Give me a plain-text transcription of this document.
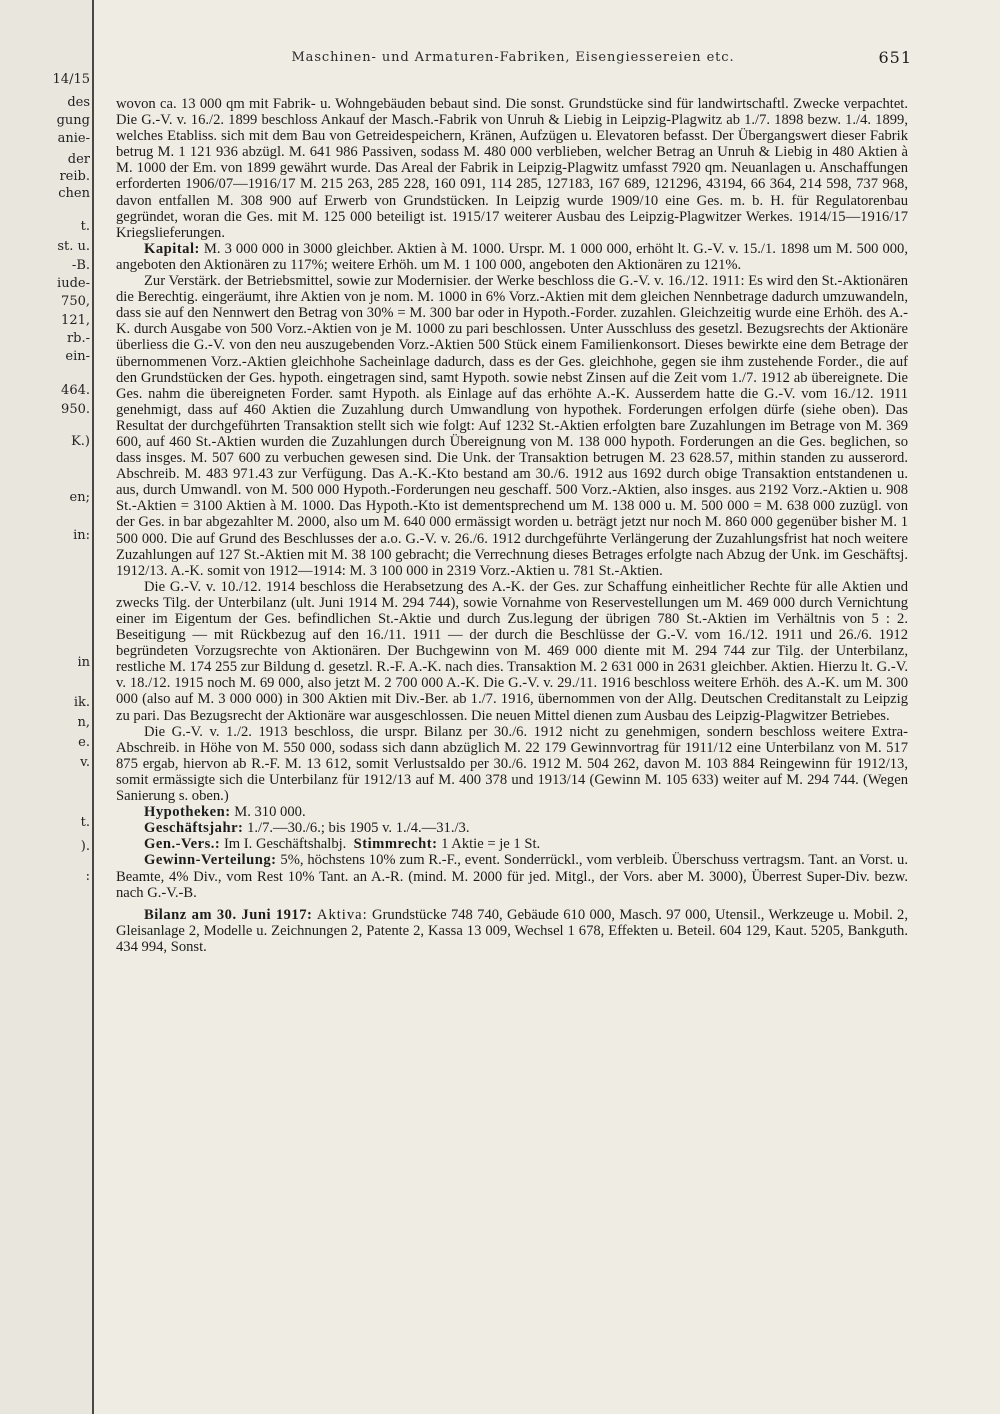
14/15
des
gung
anie-
der
reib.
chen
t.
st. u.
-B.
iude-
750,
121,
rb.-
ein-
464.
950.
K.)
en;
in:
in
ik.
n,
e.
v.
t.
).
:
Maschinen- und Armaturen-Fabriken, Eisengiessereien etc.	651

wovon ca. 13 000 qm mit Fabrik- u. Wohngebäuden bebaut sind. Die sonst. Grundstücke sind für landwirtschaftl. Zwecke verpachtet. Die G.-V. v. 16./2. 1899 beschloss Ankauf der Masch.-Fabrik von Unruh & Liebig in Leipzig-Plagwitz ab 1./7. 1898 bezw. 1./4. 1899, welches Etabliss. sich mit dem Bau von Getreidespeichern, Kränen, Aufzügen u. Elevatoren befasst. Der Übergangswert dieser Fabrik betrug M. 1 121 936 abzügl. M. 641 986 Passiven, sodass M. 480 000 verblieben, welcher Betrag an Unruh & Liebig in 480 Aktien à M. 1000 der Em. von 1899 gewährt wurde. Das Areal der Fabrik in Leipzig-Plagwitz umfasst 7920 qm. Neuanlagen u. Anschaffungen erforderten 1906/07—1916/17 M. 215 263, 285 228, 160 091, 114 285, 127183, 167 689, 121296, 43194, 66 364, 214 598, 737 968, davon entfallen M. 308 900 auf Erwerb von Grundstücken. In Leipzig wurde 1909/10 eine Ges. m. b. H. für Regulatorenbau gegründet, woran die Ges. mit M. 125 000 beteiligt ist. 1915/17 weiterer Ausbau des Leipzig-Plagwitzer Werkes. 1914/15—1916/17 Kriegslieferungen.

Kapital: M. 3 000 000 in 3000 gleichber. Aktien à M. 1000. Urspr. M. 1 000 000, erhöht lt. G.-V. v. 15./1. 1898 um M. 500 000, angeboten den Aktionären zu 117%; weitere Erhöh. um M. 1 100 000, angeboten den Aktionären zu 121%.

Zur Verstärk. der Betriebsmittel, sowie zur Modernisier. der Werke beschloss die G.-V. v. 16./12. 1911: Es wird den St.-Aktionären die Berechtig. eingeräumt, ihre Aktien von je nom. M. 1000 in 6% Vorz.-Aktien mit dem gleichen Nennbetrage dadurch umzuwandeln, dass sie auf den Nennwert den Betrag von 30% = M. 300 bar oder in Hypoth.-Forder. zuzahlen. Gleichzeitig wurde eine Erhöh. des A.-K. durch Ausgabe von 500 Vorz.-Aktien von je M. 1000 zu pari beschlossen. Unter Ausschluss des gesetzl. Bezugsrechts der Aktionäre überliess die G.-V. von den neu auszugebenden Vorz.-Aktien 500 Stück einem Familienkonsort. Dieses bewirkte eine dem Betrage der übernommenen Vorz.-Aktien gleichhohe Sacheinlage dadurch, dass es der Ges. gleichhohe, gegen sie ihm zustehende Forder., die auf den Grundstücken der Ges. hypoth. eingetragen sind, samt Hypoth. sowie nebst Zinsen auf die Zeit vom 1./7. 1912 ab übereignete. Die Ges. nahm die übereigneten Forder. samt Hypoth. als Einlage auf das erhöhte A.-K. Ausserdem hatte die G.-V. vom 16./12. 1911 genehmigt, dass auf 460 Aktien die Zuzahlung durch Umwandlung von hypothek. Forderungen erfolgen dürfe (siehe oben). Das Resultat der durchgeführten Transaktion stellt sich wie folgt: Auf 1232 St.-Aktien erfolgten bare Zuzahlungen im Betrage von M. 369 600, auf 460 St.-Aktien wurden die Zuzahlungen durch Übereignung von M. 138 000 hypoth. Forderungen an die Ges. beglichen, so dass insges. M. 507 600 zu verbuchen gewesen sind. Die Unk. der Transaktion betrugen M. 23 628.57, mithin standen zu ausserord. Abschreib. M. 483 971.43 zur Verfügung. Das A.-K.-Kto bestand am 30./6. 1912 aus 1692 durch obige Transaktion entstandenen u. aus, durch Umwandl. von M. 500 000 Hypoth.-Forderungen neu geschaff. 500 Vorz.-Aktien, also insges. aus 2192 Vorz.-Aktien u. 908 St.-Aktien = 3100 Aktien à M. 1000. Das Hypoth.-Kto ist dementsprechend um M. 138 000 u. M. 500 000 = M. 638 000 zuzügl. von der Ges. in bar abgezahlter M. 2000, also um M. 640 000 ermässigt worden u. beträgt jetzt nur noch M. 860 000 gegenüber bisher M. 1 500 000. Die auf Grund des Beschlusses der a.o. G.-V. v. 26./6. 1912 durchgeführte Verlängerung der Zuzahlungsfrist hat noch weitere Zuzahlungen auf 127 St.-Aktien mit M. 38 100 gebracht; die Verrechnung dieses Betrages erfolgte nach Abzug der Unk. im Geschäftsj. 1912/13. A.-K. somit von 1912—1914: M. 3 100 000 in 2319 Vorz.-Aktien u. 781 St.-Aktien.

Die G.-V. v. 10./12. 1914 beschloss die Herabsetzung des A.-K. der Ges. zur Schaffung einheitlicher Rechte für alle Aktien und zwecks Tilg. der Unterbilanz (ult. Juni 1914 M. 294 744), sowie Vornahme von Reservestellungen um M. 469 000 durch Vernichtung einer im Eigentum der Ges. befindlichen St.-Aktie und durch Zus.legung der übrigen 780 St.-Aktien im Verhältnis von 5 : 2. Beseitigung — mit Rückbezug auf den 16./11. 1911 — der durch die Beschlüsse der G.-V. vom 16./12. 1911 und 26./6. 1912 begründeten Vorzugsrechte von Aktionären. Der Buchgewinn von M. 469 000 diente mit M. 294 744 zur Tilg. der Unterbilanz, restliche M. 174 255 zur Bildung d. gesetzl. R.-F. A.-K. nach dies. Transaktion M. 2 631 000 in 2631 gleichber. Aktien. Hierzu lt. G.-V. v. 18./12. 1915 noch M. 69 000, also jetzt M. 2 700 000 A.-K. Die G.-V. v. 29./11. 1916 beschloss weitere Erhöh. des A.-K. um M. 300 000 (also auf M. 3 000 000) in 300 Aktien mit Div.-Ber. ab 1./7. 1916, übernommen von der Allg. Deutschen Creditanstalt zu Leipzig zu pari. Das Bezugsrecht der Aktionäre war ausgeschlossen. Die neuen Mittel dienen zum Ausbau des Leipzig-Plagwitzer Betriebes.

Die G.-V. v. 1./2. 1913 beschloss, die urspr. Bilanz per 30./6. 1912 nicht zu genehmigen, sondern beschloss weitere Extra-Abschreib. in Höhe von M. 550 000, sodass sich dann abzüglich M. 22 179 Gewinnvortrag für 1911/12 eine Unterbilanz von M. 517 875 ergab, hiervon ab R.-F. M. 13 612, somit Verlustsaldo per 30./6. 1912 M. 504 262, davon M. 103 884 Reingewinn für 1912/13, somit ermässigte sich die Unterbilanz für 1912/13 auf M. 400 378 und 1913/14 (Gewinn M. 105 633) weiter auf M. 294 744. (Wegen Sanierung s. oben.)

Hypotheken: M. 310 000.

Geschäftsjahr: 1./7.—30./6.; bis 1905 v. 1./4.—31./3.

Gen.-Vers.: Im I. Geschäftshalbj. Stimmrecht: 1 Aktie = je 1 St.

Gewinn-Verteilung: 5%, höchstens 10% zum R.-F., event. Sonderrückl., vom verbleib. Überschuss vertragsm. Tant. an Vorst. u. Beamte, 4% Div., vom Rest 10% Tant. an A.-R. (mind. M. 2000 für jed. Mitgl., der Vors. aber M. 3000), Überrest Super-Div. bezw. nach G.-V.-B.

Bilanz am 30. Juni 1917: Aktiva: Grundstücke 748 740, Gebäude 610 000, Masch. 97 000, Utensil., Werkzeuge u. Mobil. 2, Gleisanlage 2, Modelle u. Zeichnungen 2, Patente 2, Kassa 13 009, Wechsel 1 678, Effekten u. Beteil. 604 129, Kaut. 5205, Bankguth. 434 994, Sonst.
